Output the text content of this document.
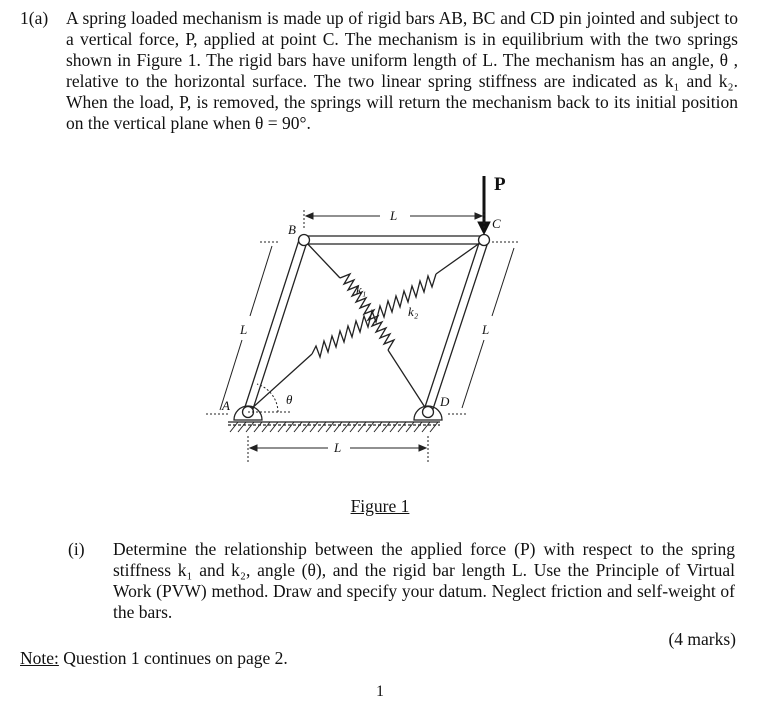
1(a) A spring loaded mechanism is made up of rigid bars AB, BC and CD pin jointed and subject to a vertical force, P, applied at point C. The mechanism is in equilibrium with the two springs shown in Figure 1. The rigid bars have uniform length of L. The mechanism has an angle, θ , relative to the horizontal surface. The two linear spring stiffness are indicated as k₁ and k₂. When the load, P, is removed, the springs will return the mechanism back to its initial position on the vertical plane when θ = 90°.
P
L
L	L
L
θ
A
B	C
D
k₁
k₂
Figure 1
(i) Determine the relationship between the applied force (P) with respect to the spring stiffness k₁ and k₂, angle (θ), and the rigid bar length L. Use the Principle of Virtual Work (PVW) method. Draw and specify your datum. Neglect friction and self-weight of the bars.
(4 marks)
Note: Question 1 continues on page 2.
1
